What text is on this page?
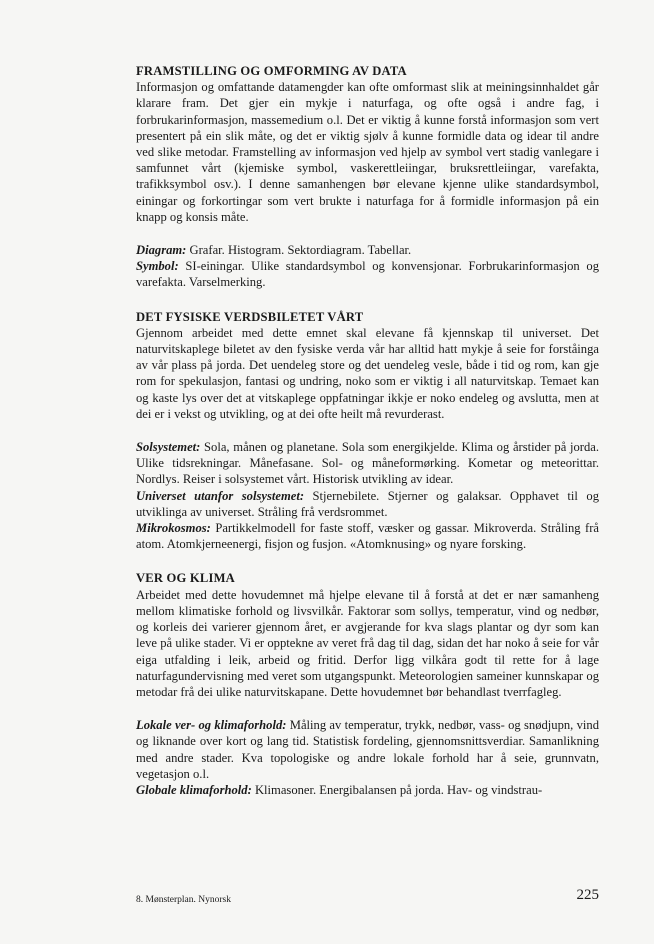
FRAMSTILLING OG OMFORMING AV DATA

Informasjon og omfattande datamengder kan ofte omformast slik at meiningsinnhaldet går klarare fram. Det gjer ein mykje i naturfaga, og ofte også i andre fag, i forbrukarinformasjon, massemedium o.l. Det er viktig å kunne forstå informasjon som vert presentert på ein slik måte, og det er viktig sjølv å kunne formidle data og idear til andre ved slike metodar. Framstelling av informasjon ved hjelp av symbol vert stadig vanlegare i samfunnet vårt (kjemiske symbol, vaskerettleiingar, bruksrettleiingar, varefakta, trafikksymbol osv.). I denne samanhengen bør elevane kjenne ulike standardsymbol, einingar og forkortingar som vert brukte i naturfaga for å formidle informasjon på ein knapp og konsis måte.

Diagram: Grafar. Histogram. Sektordiagram. Tabellar.

Symbol: SI-einingar. Ulike standardsymbol og konvensjonar. Forbrukarinformasjon og varefakta. Varselmerking.

DET FYSISKE VERDSBILETET VÅRT

Gjennom arbeidet med dette emnet skal elevane få kjennskap til universet. Det naturvitskaplege biletet av den fysiske verda vår har alltid hatt mykje å seie for forståinga av vår plass på jorda. Det uendeleg store og det uendeleg vesle, både i tid og rom, kan gje rom for spekulasjon, fantasi og undring, noko som er viktig i all naturvitskap. Temaet kan og kaste lys over det at vitskaplege oppfatningar ikkje er noko endeleg og avslutta, men at dei er i vekst og utvikling, og at dei ofte heilt må revurderast.

Solsystemet: Sola, månen og planetane. Sola som energikjelde. Klima og årstider på jorda. Ulike tidsrekningar. Månefasane. Sol- og måneformørking. Kometar og meteorittar. Nordlys. Reiser i solsystemet vårt. Historisk utvikling av idear.

Universet utanfor solsystemet: Stjernebilete. Stjerner og galaksar. Opphavet til og utviklinga av universet. Stråling frå verdsrommet.

Mikrokosmos: Partikkelmodell for faste stoff, væsker og gassar. Mikroverda. Stråling frå atom. Atomkjerneenergi, fisjon og fusjon. «Atomknusing» og nyare forsking.

VER OG KLIMA

Arbeidet med dette hovudemnet må hjelpe elevane til å forstå at det er nær samanheng mellom klimatiske forhold og livsvilkår. Faktorar som sollys, temperatur, vind og nedbør, og korleis dei varierer gjennom året, er avgjerande for kva slags plantar og dyr som kan leve på ulike stader. Vi er opptekne av veret frå dag til dag, sidan det har noko å seie for vår eiga utfalding i leik, arbeid og fritid. Derfor ligg vilkåra godt til rette for å lage naturfagundervisning med veret som utgangspunkt. Meteorologien sameiner kunnskapar og metodar frå dei ulike naturvitskapane. Dette hovudemnet bør behandlast tverrfagleg.

Lokale ver- og klimaforhold: Måling av temperatur, trykk, nedbør, vass- og snødjupn, vind og liknande over kort og lang tid. Statistisk fordeling, gjennomsnittsverdiar. Samanlikning med andre stader. Kva topologiske og andre lokale forhold har å seie, grunnvatn, vegetasjon o.l.

Globale klimaforhold: Klimasoner. Energibalansen på jorda. Hav- og vindstrau-

8. Mønsterplan. Nynorsk	225
